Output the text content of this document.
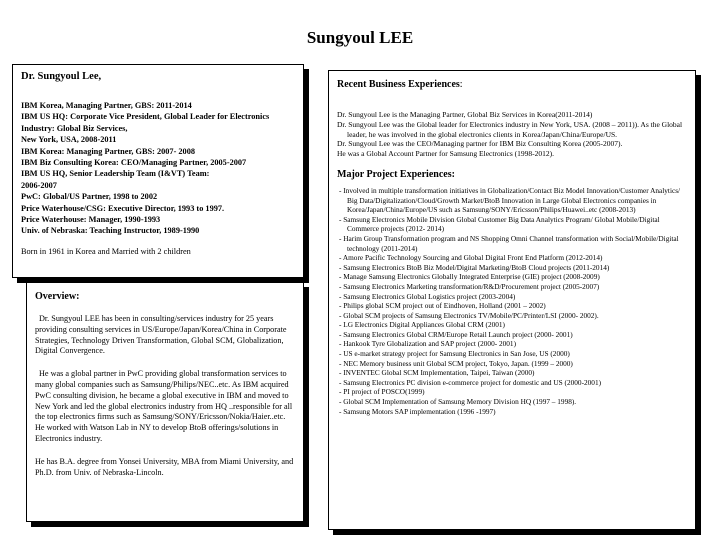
Sungyoul LEE
Dr. Sungyoul Lee,

IBM Korea, Managing Partner, GBS: 2011-2014

IBM US HQ: Corporate Vice President, Global Leader for Electronics Industry: Global Biz Services,

New York, USA, 2008-2011

IBM Korea: Managing Partner, GBS: 2007- 2008

IBM Biz Consulting Korea: CEO/Managing Partner, 2005-2007

IBM US HQ, Senior Leadership Team (I&VT) Team:

2006-2007

PwC: Global/US Partner, 1998 to 2002

Price Waterhouse/CSG: Executive Director, 1993 to 1997.

Price Waterhouse: Manager, 1990-1993

Univ. of Nebraska: Teaching Instructor, 1989-1990

Born in 1961 in Korea and Married with 2 children
Overview:

Dr. Sungyoul LEE has been in consulting/services industry for 25 years providing consulting services in US/Europe/Japan/Korea/China in Corporate Strategies, Technology Driven Transformation, Global SCM, Globalization, Digital Convergence.

He was a global partner in PwC providing global transformation services to many global companies such as Samsung/Philips/NEC..etc. As IBM acquired PwC consulting division, he became a global executive in IBM and moved to New York and led the global electronics industry from HQ ..responsible for all the top electronics firms such as Samsung/SONY/Ericsson/Nokia/Haier..etc. He worked with Watson Lab in NY to develop BtoB offerings/solutions in Electronics industry.

He has B.A. degree from Yonsei University, MBA from Miami University, and Ph.D. from Univ. of Nebraska-Lincoln.

Recent Business Experiences:

Dr. Sungyoul Lee is the Managing Partner, Global Biz Services in Korea(2011-2014)

Dr. Sungyoul Lee was the Global leader for Electronics industry in New York, USA. (2008 – 2011)). As the Global leader, he was involved in the global electronics clients in Korea/Japan/China/Europe/US.

Dr. Sungyoul Lee was the CEO/Managing partner for IBM Biz Consulting Korea (2005-2007).

He was a Global Account Partner for Samsung Electronics (1998-2012).

Major Project Experiences:

- Involved in multiple transformation initiatives in Globalization/Contact Biz Model Innovation/Customer Analytics/ Big Data/Digitalization/Cloud/Growth Market/BtoB Innovation in Large Global Electronics companies in Korea/Japan/China/Europe/US such as Samsung/SONY/Ericsson/Philips/Huawei..etc (2008-2013)

- Samsung Electronics Mobile Division Global Customer Big Data Analytics Program/ Global Mobile/Digital Commerce projects (2012- 2014)

- Harim Group Transformation program and NS Shopping Omni Channel transformation with Social/Mobile/Digital technology (2011-2014)

- Amore Pacific Technology Sourcing and Global Digital Front End Platform (2012-2014)

- Samsung Electronics BtoB Biz Model/Digital Marketing/BtoB Cloud projects (2011-2014)

- Manage Samsung Electronics Globally Integrated Enterprise (GIE) project (2008-2009)

- Samsung Electronics Marketing transformation/R&D/Procurement project (2005-2007)

- Samsung Electronics Global Logistics project (2003-2004)

- Philips global SCM project out of Eindhoven, Holland (2001 – 2002)

- Global SCM projects of Samsung Electronics TV/Mobile/PC/Printer/LSI (2000- 2002).

- LG Electronics Digital Appliances Global CRM (2001)

- Samsung Electronics Global CRM/Europe Retail Launch project (2000- 2001)

- Hankook Tyre Globalization and SAP project (2000- 2001)

- US e-market strategy project for Samsung Electronics in San Jose, US (2000)

- NEC Memory business unit Global SCM project, Tokyo, Japan. (1999 – 2000)

- INVENTEC Global SCM Implementation, Taipei, Taiwan (2000)

- Samsung Electronics PC division e-commerce project for domestic and US (2000-2001)

- PI project of POSCO(1999)

- Global SCM Implementation of Samsung Memory Division HQ (1997 – 1998).

- Samsung Motors SAP implementation (1996 -1997)
